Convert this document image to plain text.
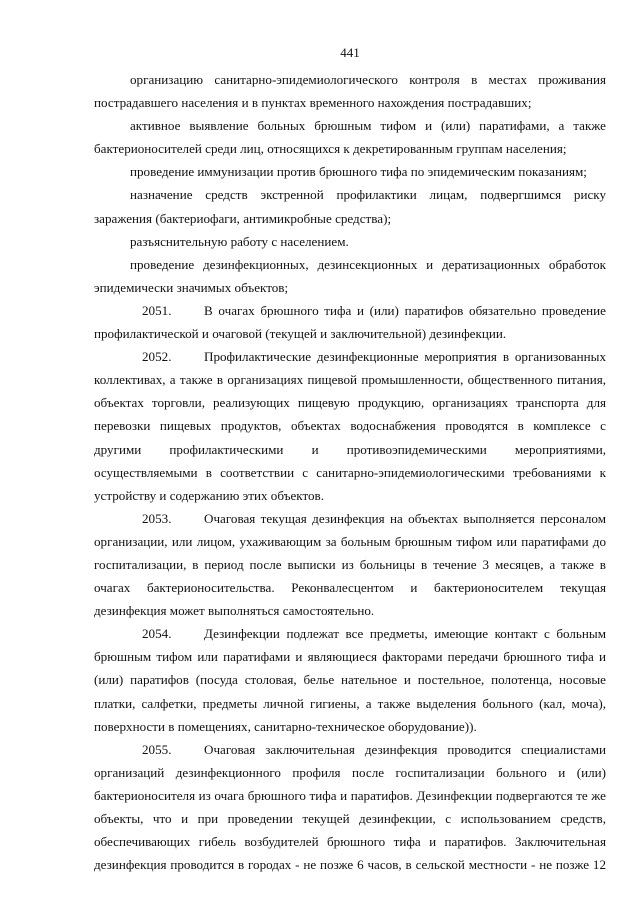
441

организацию санитарно-эпидемиологического контроля в местах проживания пострадавшего населения и в пунктах временного нахождения пострадавших;

активное выявление больных брюшным тифом и (или) паратифами, а также бактерионосителей среди лиц, относящихся к декретированным группам населения;

проведение иммунизации против брюшного тифа по эпидемическим показаниям;

назначение средств экстренной профилактики лицам, подвергшимся риску заражения (бактериофаги, антимикробные средства);

разъяснительную работу с населением.

проведение дезинфекционных, дезинсекционных и дератизационных обработок эпидемически значимых объектов;

2051. В очагах брюшного тифа и (или) паратифов обязательно проведение профилактической и очаговой (текущей и заключительной) дезинфекции.

2052. Профилактические дезинфекционные мероприятия в организованных коллективах, а также в организациях пищевой промышленности, общественного питания, объектах торговли, реализующих пищевую продукцию, организациях транспорта для перевозки пищевых продуктов, объектах водоснабжения проводятся в комплексе с другими профилактическими и противоэпидемическими мероприятиями, осуществляемыми в соответствии с санитарно-эпидемиологическими требованиями к устройству и содержанию этих объектов.

2053. Очаговая текущая дезинфекция на объектах выполняется персоналом организации, или лицом, ухаживающим за больным брюшным тифом или паратифами до госпитализации, в период после выписки из больницы в течение 3 месяцев, а также в очагах бактерионосительства. Реконвалесцентом и бактерионосителем текущая дезинфекция может выполняться самостоятельно.

2054. Дезинфекции подлежат все предметы, имеющие контакт с больным брюшным тифом или паратифами и являющиеся факторами передачи брюшного тифа и (или) паратифов (посуда столовая, белье нательное и постельное, полотенца, носовые платки, салфетки, предметы личной гигиены, а также выделения больного (кал, моча), поверхности в помещениях, санитарно-техническое оборудование)).

2055. Очаговая заключительная дезинфекция проводится специалистами организаций дезинфекционного профиля после госпитализации больного и (или) бактерионосителя из очага брюшного тифа и паратифов. Дезинфекции подвергаются те же объекты, что и при проведении текущей дезинфекции, с использованием средств, обеспечивающих гибель возбудителей брюшного тифа и паратифов. Заключительная дезинфекция проводится в городах - не позже 6 часов, в сельской местности - не позже 12
